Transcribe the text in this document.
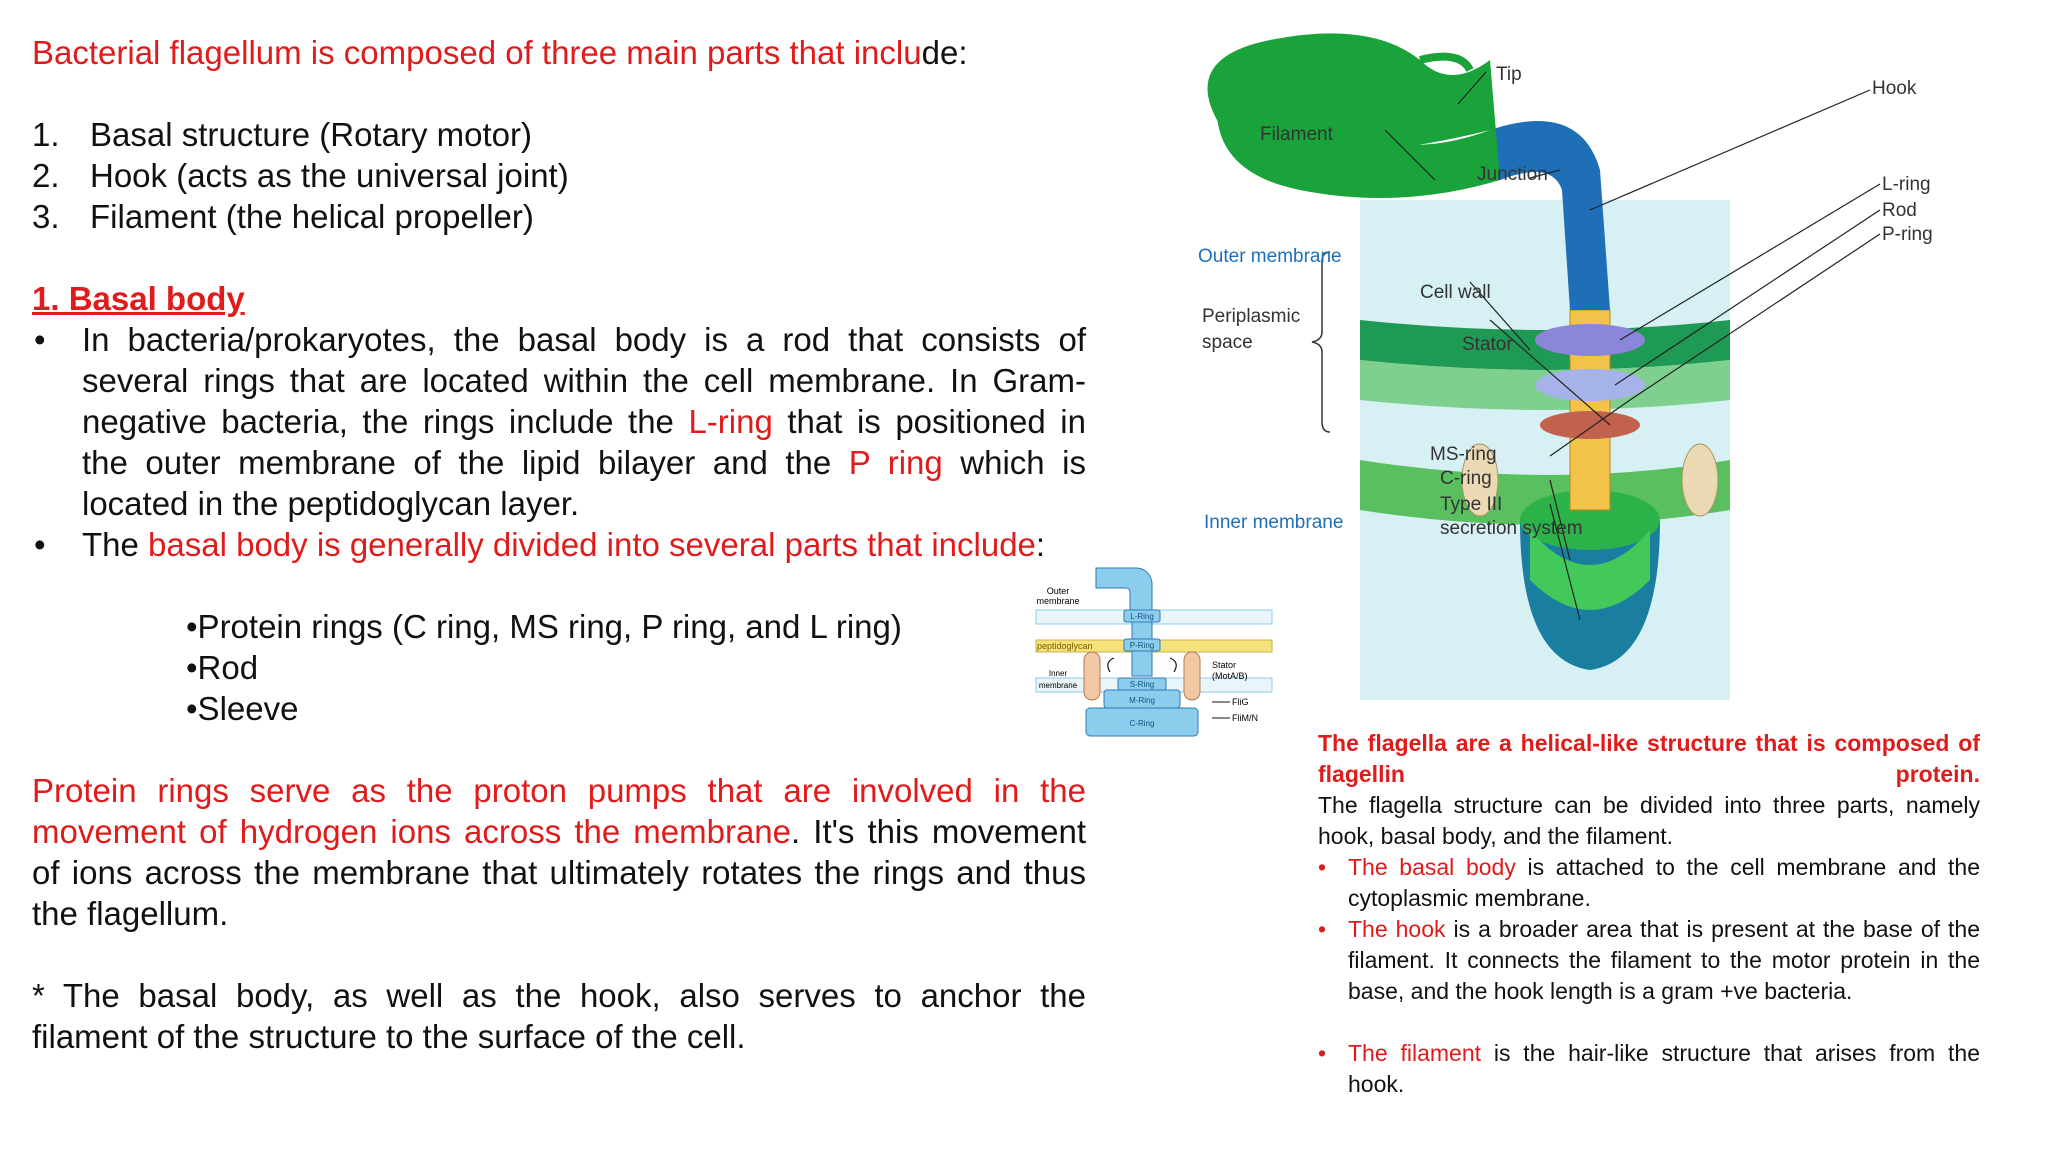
Bacterial flagellum is composed of three main parts that include:
1. Basal structure (Rotary motor)
2. Hook (acts as the universal joint)
3. Filament (the helical propeller)
1. Basal body
•	In bacteria/prokaryotes, the basal body is a rod that consists of several rings that are located within the cell membrane. In Gram-negative bacteria, the rings include the L-ring that is positioned in the outer membrane of the lipid bilayer and the P ring which is located in the peptidoglycan layer.
•	The basal body is generally divided into several parts that include:
•Protein rings (C ring, MS ring, P ring, and L ring)
•Rod
•Sleeve
Protein rings serve as the proton pumps that are involved in the movement of hydrogen ions across the membrane. It's this movement of ions across the membrane that ultimately rotates the rings and thus the flagellum.
* The basal body, as well as the hook, also serves to anchor the filament of the structure to the surface of the cell.
Outer
membrane
peptidoglycan
Inner
membrane
L-Ring
P-Ring
S-Ring
M-Ring
C-Ring
Stator
(MotA/B)
FliG
FliM/N
Tip
Hook
Filament
Junction	L-ring
Rod
P-ring
Outer membrane
Periplasmic
space
Cell wall
Stator
Inner membrane
MS-ring
C-ring
Type III
secretion system
The flagella are a helical-like structure that is composed of flagellin protein.
The flagella structure can be divided into three parts, namely hook, basal body, and the filament.
• The basal body is attached to the cell membrane and the cytoplasmic membrane.
• The hook is a broader area that is present at the base of the filament. It connects the filament to the motor protein in the base, and the hook length is a gram +ve bacteria.
• The filament is the hair-like structure that arises from the hook.
